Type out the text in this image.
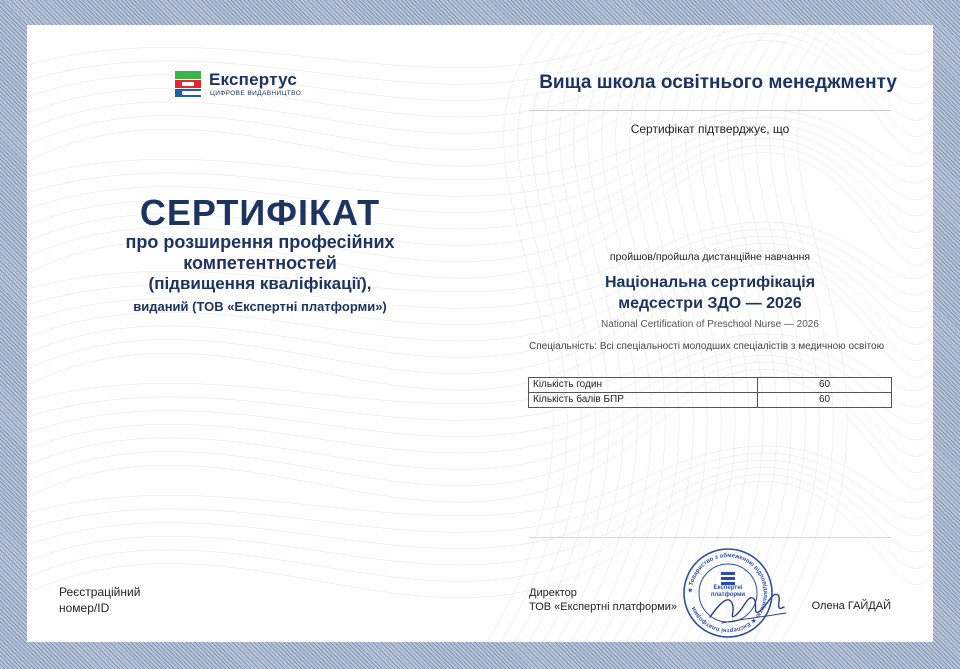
Експертус
ЦИФРОВЕ ВИДАВНИЦТВО
СЕРТИФІКАТ
про розширення професійних
компетентностей
(підвищення кваліфікації),
виданий (ТОВ «Експертні платформи»)
Реєстраційний
номер/ID
Вища школа освітнього менеджменту
Сертифікат підтверджує, що
пройшов/пройшла дистанційне навчання
Національна сертифікація
медсестри ЗДО — 2026
National Certification of Preschool Nurse — 2026
Спеціальність: Всі спеціальності молодших спеціалістів з медичною освітою
Кількість годин	60
Кількість балів БПР	60
Директор
ТОВ «Експертні платформи»
★ Товариство з обмеженою відповідальністю ★ Експертні платформи
Експертні платформи
Олена ГАЙДАЙ
